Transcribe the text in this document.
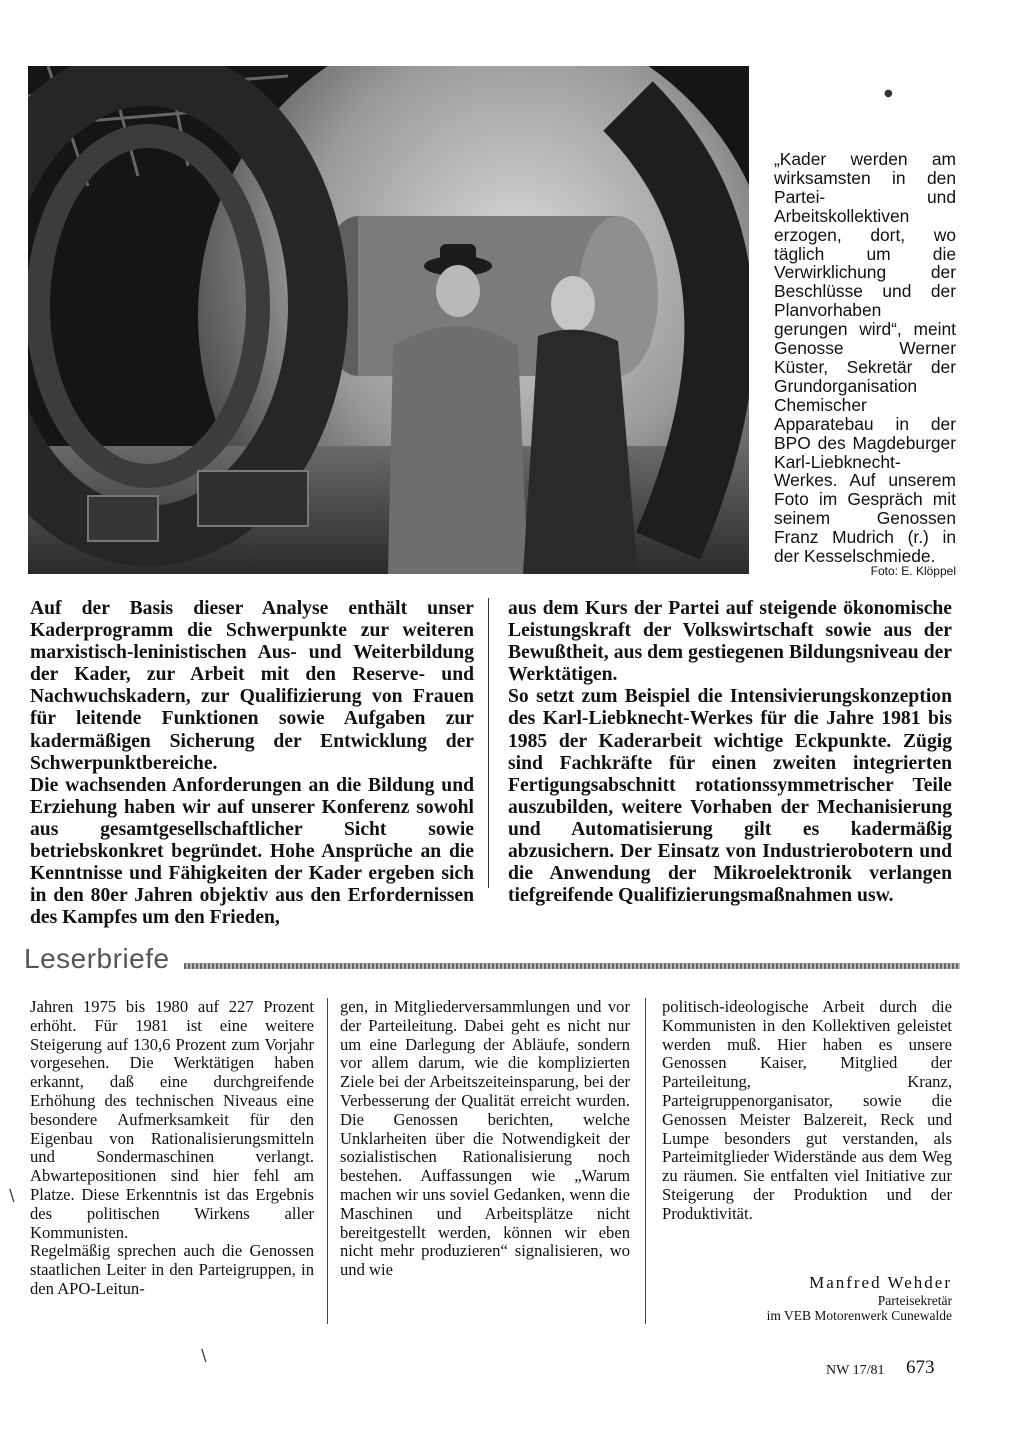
„Kader werden am wirksamsten in den Partei- und Arbeitskollektiven erzogen, dort, wo täglich um die Verwirklichung der Beschlüsse und der Planvorhaben gerungen wird“, meint Genosse Werner Küster, Sekretär der Grundorganisation Chemischer Apparatebau in der BPO des Magdeburger Karl-Liebknecht-Werkes. Auf unserem Foto im Gespräch mit seinem Genossen Franz Mudrich (r.) in der Kesselschmiede.
Foto: E. Klöppel

Auf der Basis dieser Analyse enthält unser Kaderprogramm die Schwerpunkte zur weiteren marxistisch-leninistischen Aus- und Weiterbildung der Kader, zur Arbeit mit den Reserve- und Nachwuchskadern, zur Qualifizierung von Frauen für leitende Funktionen sowie Aufgaben zur kadermäßigen Sicherung der Entwicklung der Schwerpunktbereiche.

Die wachsenden Anforderungen an die Bildung und Erziehung haben wir auf unserer Konferenz sowohl aus gesamtgesellschaftlicher Sicht sowie betriebskonkret begründet. Hohe Ansprüche an die Kenntnisse und Fähigkeiten der Kader ergeben sich in den 80er Jahren objektiv aus den Erfordernissen des Kampfes um den Frieden,

aus dem Kurs der Partei auf steigende ökonomische Leistungskraft der Volkswirtschaft sowie aus der Bewußtheit, aus dem gestiegenen Bildungsniveau der Werktätigen.

So setzt zum Beispiel die Intensivierungskonzeption des Karl-Liebknecht-Werkes für die Jahre 1981 bis 1985 der Kaderarbeit wichtige Eckpunkte. Zügig sind Fachkräfte für einen zweiten integrierten Fertigungsabschnitt rotationssymmetrischer Teile auszubilden, weitere Vorhaben der Mechanisierung und Automatisierung gilt es kadermäßig abzusichern. Der Einsatz von Industrierobotern und die Anwendung der Mikroelektronik verlangen tiefgreifende Qualifizierungsmaßnahmen usw.

Leserbriefe

Jahren 1975 bis 1980 auf 227 Prozent erhöht. Für 1981 ist eine weitere Steigerung auf 130,6 Prozent zum Vorjahr vorgesehen. Die Werktätigen haben erkannt, daß eine durchgreifende Erhöhung des technischen Niveaus eine besondere Aufmerksamkeit für den Eigenbau von Rationalisierungsmitteln und Sondermaschinen verlangt. Abwartepositionen sind hier fehl am Platze. Diese Erkenntnis ist das Ergebnis des politischen Wirkens aller Kommunisten.

Regelmäßig sprechen auch die Genossen staatlichen Leiter in den Parteigruppen, in den APO-Leitun-

gen, in Mitgliederversammlungen und vor der Parteileitung. Dabei geht es nicht nur um eine Darlegung der Abläufe, sondern vor allem darum, wie die komplizierten Ziele bei der Arbeitszeiteinsparung, bei der Verbesserung der Qualität erreicht wurden. Die Genossen berichten, welche Unklarheiten über die Notwendigkeit der sozialistischen Rationalisierung noch bestehen. Auffassungen wie „Warum machen wir uns soviel Gedanken, wenn die Maschinen und Arbeitsplätze nicht bereitgestellt werden, können wir eben nicht mehr produzieren“ signalisieren, wo und wie

politisch-ideologische Arbeit durch die Kommunisten in den Kollektiven geleistet werden muß. Hier haben es unsere Genossen Kaiser, Mitglied der Parteileitung, Kranz, Parteigruppenorganisator, sowie die Genossen Meister Balzereit, Reck und Lumpe besonders gut verstanden, als Parteimitglieder Widerstände aus dem Weg zu räumen. Sie entfalten viel Initiative zur Steigerung der Produktion und der Produktivität.

Manfred Wehder
Parteisekretär
im VEB Motorenwerk Cunewalde
NW 17/81 673
●
∖
∖
